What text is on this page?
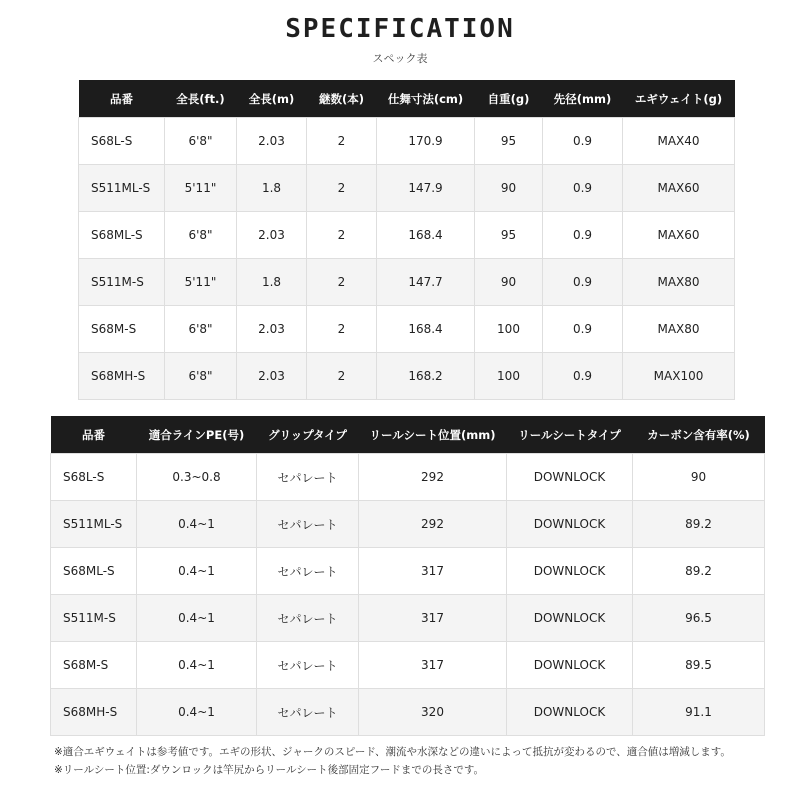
SPECIFICATION
スペック表
品番	全長(ft.)	全長(m)	継数(本)	仕舞寸法(cm)	自重(g)	先径(mm)	エギウェイト(g)
S68L-S	6'8"	2.03	2	170.9	95	0.9	MAX40
S511ML-S	5'11"	1.8	2	147.9	90	0.9	MAX60
S68ML-S	6'8"	2.03	2	168.4	95	0.9	MAX60
S511M-S	5'11"	1.8	2	147.7	90	0.9	MAX80
S68M-S	6'8"	2.03	2	168.4	100	0.9	MAX80
S68MH-S	6'8"	2.03	2	168.2	100	0.9	MAX100
品番	適合ラインPE(号)	グリップタイプ	リールシート位置(mm)	リールシートタイプ	カーボン含有率(%)
S68L-S	0.3~0.8	セパレート	292	DOWNLOCK	90
S511ML-S	0.4~1	セパレート	292	DOWNLOCK	89.2
S68ML-S	0.4~1	セパレート	317	DOWNLOCK	89.2
S511M-S	0.4~1	セパレート	317	DOWNLOCK	96.5
S68M-S	0.4~1	セパレート	317	DOWNLOCK	89.5
S68MH-S	0.4~1	セパレート	320	DOWNLOCK	91.1
※適合エギウェイトは参考値です。エギの形状、ジャークのスピード、潮流や水深などの違いによって抵抗が変わるので、適合値は増減します。
※リールシート位置:ダウンロックは竿尻からリールシート後部固定フードまでの長さです。
